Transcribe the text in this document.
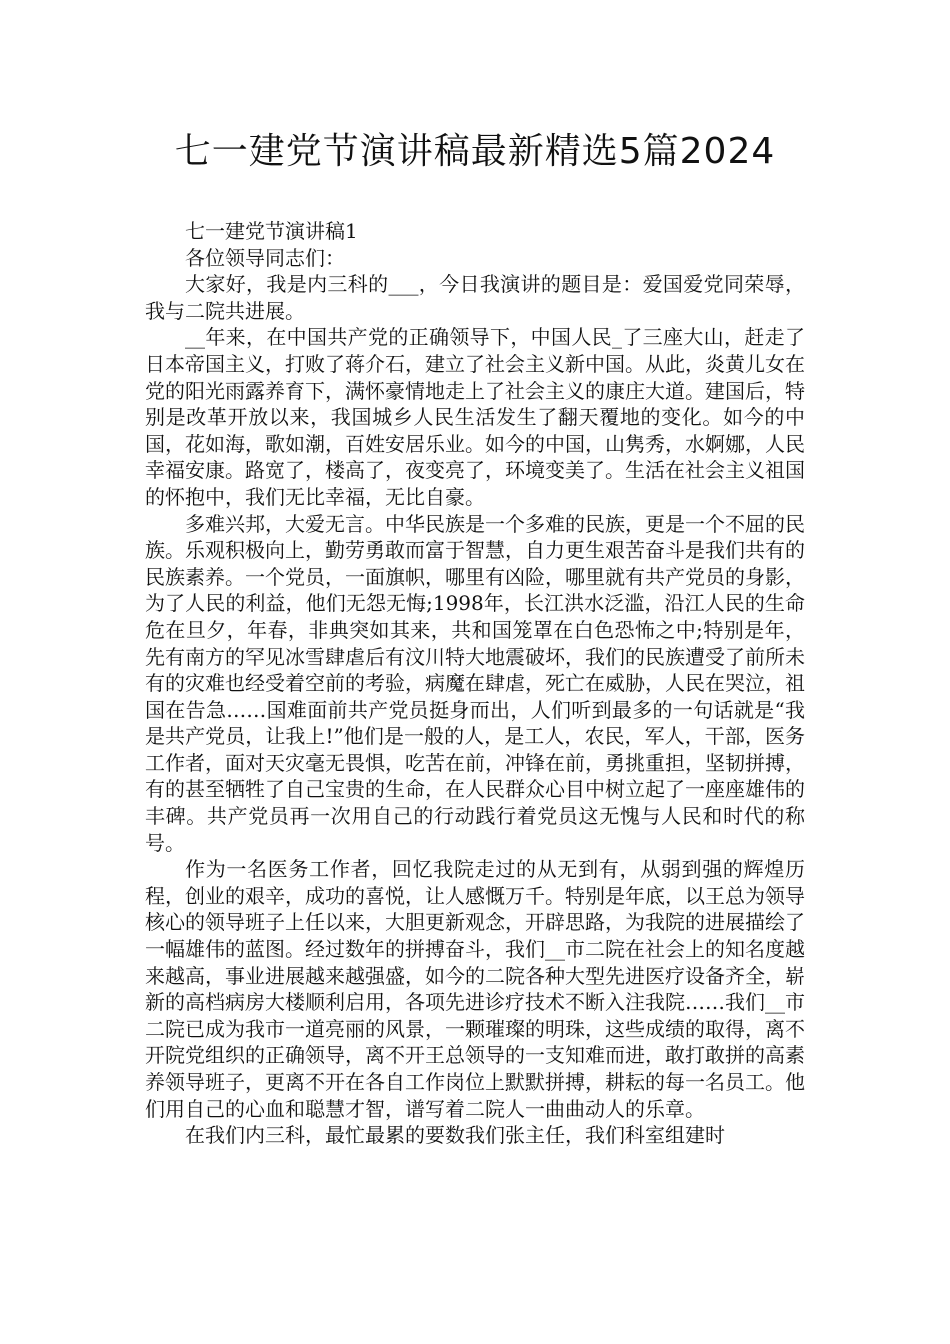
七一建党节演讲稿最新精选5篇2024

七一建党节演讲稿1

各位领导同志们：

大家好，我是内三科的___，今日我演讲的题目是：爱国爱党同荣辱，我与二院共进展。

__年来，在中国共产党的正确领导下，中国人民_了三座大山，赶走了日本帝国主义，打败了蒋介石，建立了社会主义新中国。从此，炎黄儿女在党的阳光雨露养育下，满怀豪情地走上了社会主义的康庄大道。建国后，特别是改革开放以来，我国城乡人民生活发生了翻天覆地的变化。如今的中国，花如海，歌如潮，百姓安居乐业。如今的中国，山隽秀，水婀娜，人民幸福安康。路宽了，楼高了，夜变亮了，环境变美了。生活在社会主义祖国的怀抱中，我们无比幸福，无比自豪。

多难兴邦，大爱无言。中华民族是一个多难的民族，更是一个不屈的民族。乐观积极向上，勤劳勇敢而富于智慧，自力更生艰苦奋斗是我们共有的民族素养。一个党员，一面旗帜，哪里有凶险，哪里就有共产党员的身影，为了人民的利益，他们无怨无悔;1998年，长江洪水泛滥，沿江人民的生命危在旦夕，年春，非典突如其来，共和国笼罩在白色恐怖之中;特别是年，先有南方的罕见冰雪肆虐后有汶川特大地震破坏，我们的民族遭受了前所未有的灾难也经受着空前的考验，病魔在肆虐，死亡在威胁，人民在哭泣，祖国在告急……国难面前共产党员挺身而出，人们听到最多的一句话就是“我是共产党员，让我上!”他们是一般的人，是工人，农民，军人，干部，医务工作者，面对天灾毫无畏惧，吃苦在前，冲锋在前，勇挑重担，坚韧拼搏，有的甚至牺牲了自己宝贵的生命，在人民群众心目中树立起了一座座雄伟的丰碑。共产党员再一次用自己的行动践行着党员这无愧与人民和时代的称号。

作为一名医务工作者，回忆我院走过的从无到有，从弱到强的辉煌历程，创业的艰辛，成功的喜悦，让人感慨万千。特别是年底，以王总为领导核心的领导班子上任以来，大胆更新观念，开辟思路，为我院的进展描绘了一幅雄伟的蓝图。经过数年的拼搏奋斗，我们__市二院在社会上的知名度越来越高，事业进展越来越强盛，如今的二院各种大型先进医疗设备齐全，崭新的高档病房大楼顺利启用，各项先进诊疗技术不断入注我院……我们__市二院已成为我市一道亮丽的风景，一颗璀璨的明珠，这些成绩的取得，离不开院党组织的正确领导，离不开王总领导的一支知难而进，敢打敢拼的高素养领导班子，更离不开在各自工作岗位上默默拼搏，耕耘的每一名员工。他们用自己的心血和聪慧才智，谱写着二院人一曲曲动人的乐章。

在我们内三科，最忙最累的要数我们张主任，我们科室组建时
